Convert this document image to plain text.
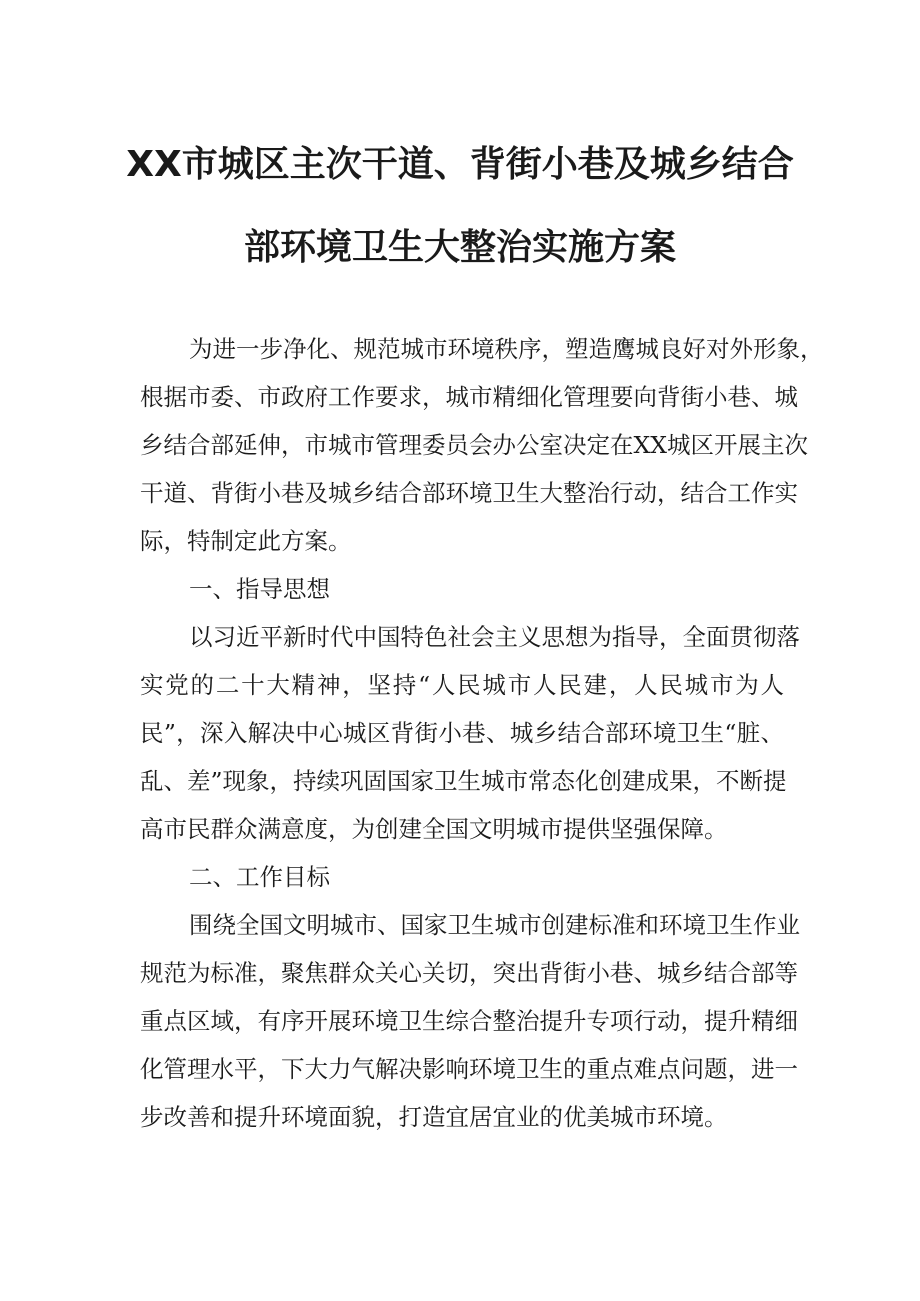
XX市城区主次干道、背街小巷及城乡结合
部环境卫生大整治实施方案
为进一步净化、规范城市环境秩序，塑造鹰城良好对外形象，
根据市委、市政府工作要求，城市精细化管理要向背街小巷、城
乡结合部延伸，市城市管理委员会办公室决定在XX城区开展主次
干道、背街小巷及城乡结合部环境卫生大整治行动，结合工作实
际，特制定此方案。
一、指导思想
以习近平新时代中国特色社会主义思想为指导，全面贯彻落
实党的二十大精神，坚持“人民城市人民建，人民城市为人
民”，深入解决中心城区背街小巷、城乡结合部环境卫生“脏、
乱、差”现象，持续巩固国家卫生城市常态化创建成果，不断提
高市民群众满意度，为创建全国文明城市提供坚强保障。
二、工作目标
围绕全国文明城市、国家卫生城市创建标准和环境卫生作业
规范为标准，聚焦群众关心关切，突出背街小巷、城乡结合部等
重点区域，有序开展环境卫生综合整治提升专项行动，提升精细
化管理水平，下大力气解决影响环境卫生的重点难点问题，进一
步改善和提升环境面貌，打造宜居宜业的优美城市环境。
